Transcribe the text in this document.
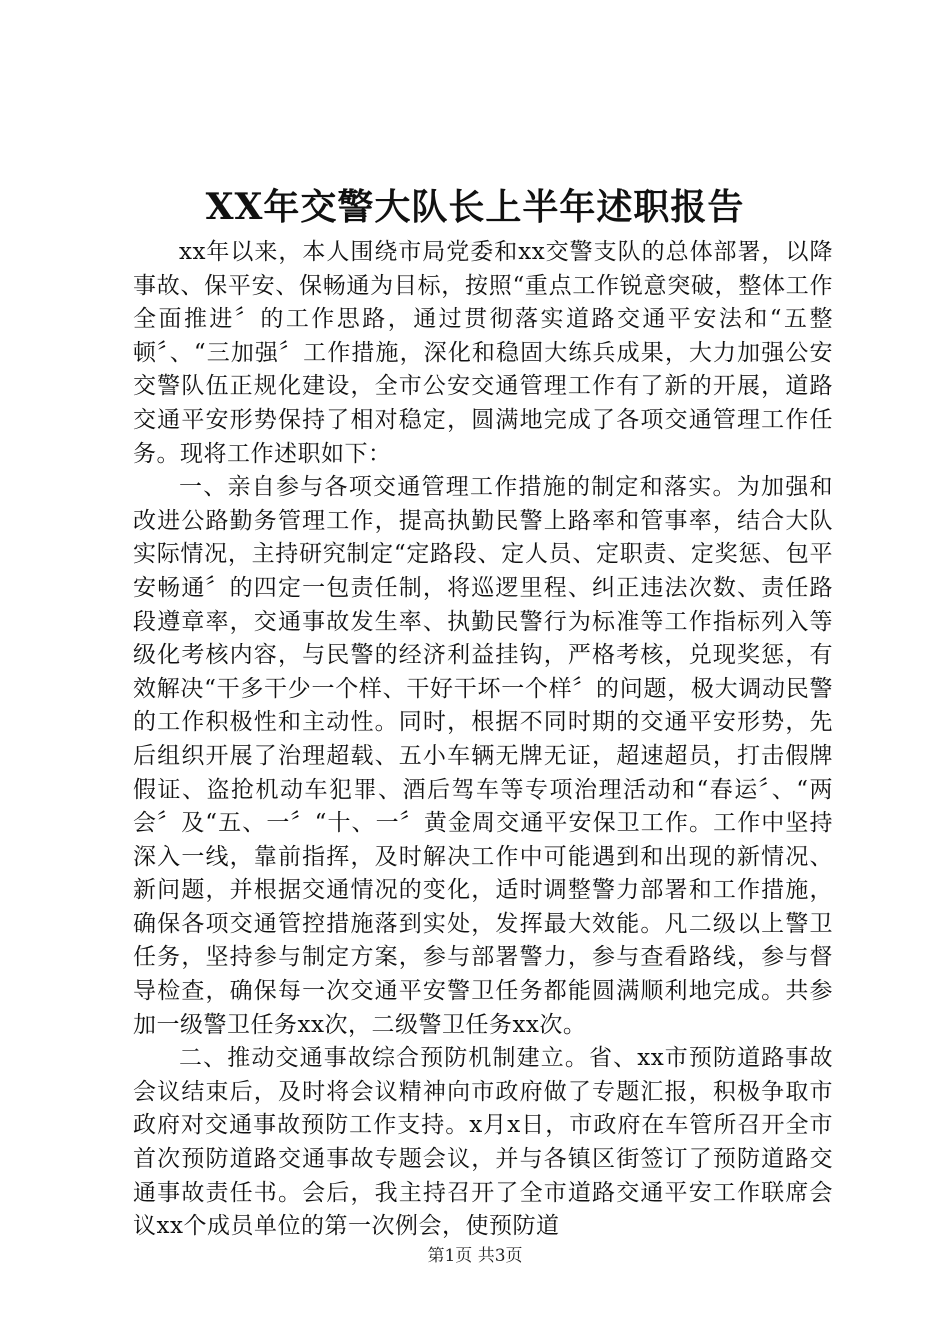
XX年交警大队长上半年述职报告

xx年以来，本人围绕市局党委和xx交警支队的总体部署，以降事故、保平安、保畅通为目标，按照“重点工作锐意突破，整体工作全面推进〞的工作思路，通过贯彻落实道路交通平安法和“五整顿〞、“三加强〞工作措施，深化和稳固大练兵成果，大力加强公安交警队伍正规化建设，全市公安交通管理工作有了新的开展，道路交通平安形势保持了相对稳定，圆满地完成了各项交通管理工作任务。现将工作述职如下：

一、亲自参与各项交通管理工作措施的制定和落实。为加强和改进公路勤务管理工作，提高执勤民警上路率和管事率，结合大队实际情况，主持研究制定“定路段、定人员、定职责、定奖惩、包平安畅通〞的四定一包责任制，将巡逻里程、纠正违法次数、责任路段遵章率，交通事故发生率、执勤民警行为标准等工作指标列入等级化考核内容，与民警的经济利益挂钩，严格考核，兑现奖惩，有效解决“干多干少一个样、干好干坏一个样〞的问题，极大调动民警的工作积极性和主动性。同时，根据不同时期的交通平安形势，先后组织开展了治理超载、五小车辆无牌无证，超速超员，打击假牌假证、盗抢机动车犯罪、酒后驾车等专项治理活动和“春运〞、“两会〞及“五、一〞“十、一〞黄金周交通平安保卫工作。工作中坚持深入一线，靠前指挥，及时解决工作中可能遇到和出现的新情况、新问题，并根据交通情况的变化，适时调整警力部署和工作措施，确保各项交通管控措施落到实处，发挥最大效能。凡二级以上警卫任务，坚持参与制定方案，参与部署警力，参与查看路线，参与督导检查，确保每一次交通平安警卫任务都能圆满顺利地完成。共参加一级警卫任务xx次，二级警卫任务xx次。

二、推动交通事故综合预防机制建立。省、xx市预防道路事故会议结束后，及时将会议精神向市政府做了专题汇报，积极争取市政府对交通事故预防工作支持。x月x日，市政府在车管所召开全市首次预防道路交通事故专题会议，并与各镇区街签订了预防道路交通事故责任书。会后，我主持召开了全市道路交通平安工作联席会议xx个成员单位的第一次例会，使预防道

第1页 共3页
